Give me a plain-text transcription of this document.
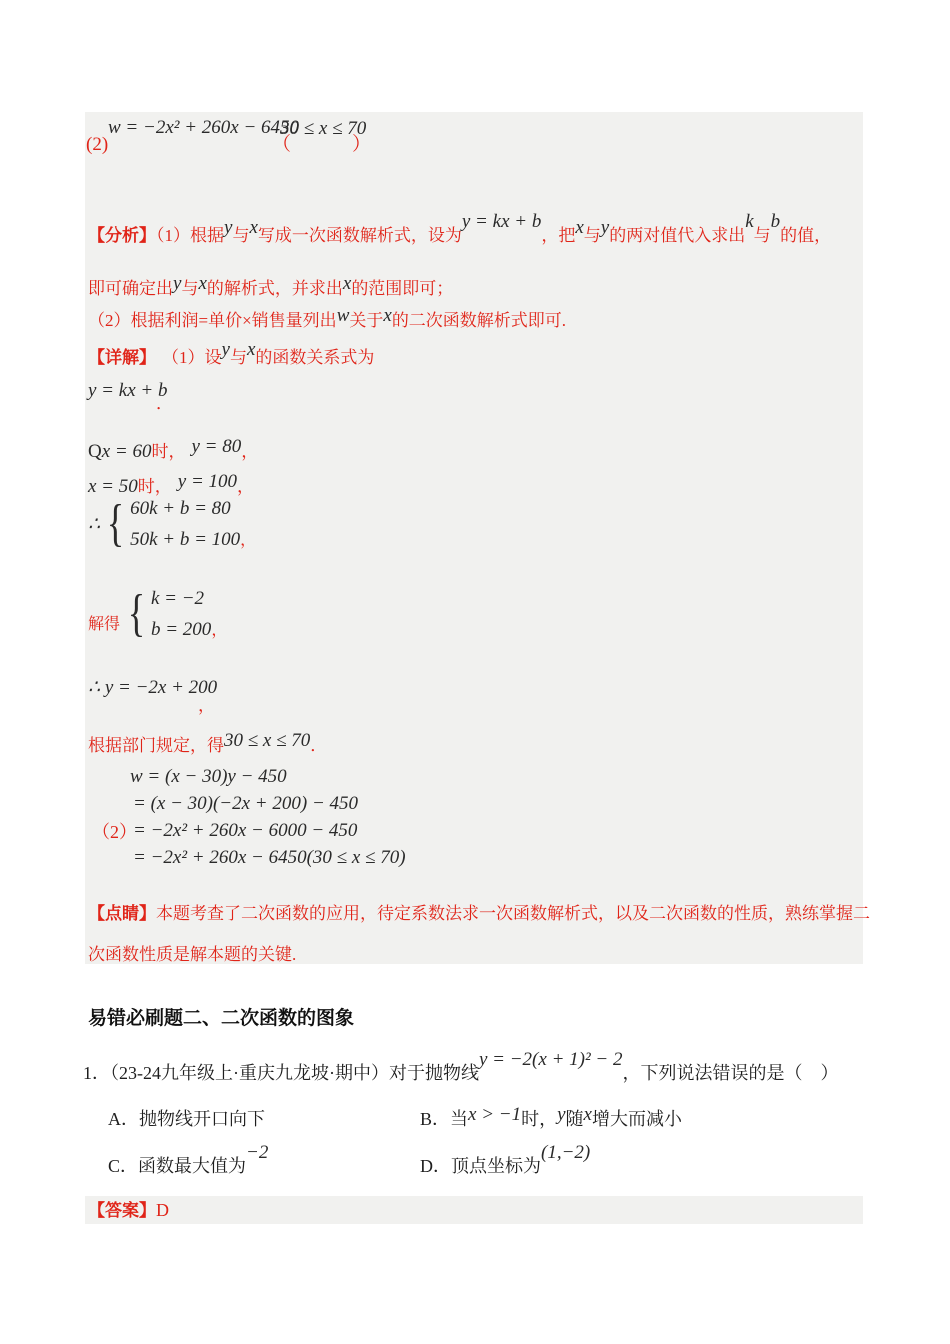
(2)
w = −2x² + 260x − 6450
（
30 ≤ x ≤ 70
）
【分析】（1）根据y与x写成一次函数解析式，设为y = kx + b，把x与y的两对值代入求出k与b的值，
即可确定出y与x的解析式，并求出x的范围即可；
（2）根据利润=单价×销售量列出w关于x的二次函数解析式即可.
【详解】 （1）设y与x的函数关系式为
y = kx + b
．
Qx = 60时， y = 80，
x = 50时， y = 100，
∴ { 60k + b = 80
50k + b = 100，
解得 { k = −2
b = 200，
∴ y = −2x + 200
，
根据部门规定，得30 ≤ x ≤ 70．
（2）
w = (x − 30)y − 450
= (x − 30)(−2x + 200) − 450
= −2x² + 260x − 6000 − 450
= −2x² + 260x − 6450(30 ≤ x ≤ 70)
【点睛】本题考查了二次函数的应用，待定系数法求一次函数解析式，以及二次函数的性质，熟练掌握二
次函数性质是解本题的关键.
易错必刷题二、二次函数的图象
1．（23-24九年级上·重庆九龙坡·期中）对于抛物线y = −2(x + 1)² − 2，下列说法错误的是（　）
A．抛物线开口向下	B．当x > −1时，y随x增大而减小
C．函数最大值为−2
D．顶点坐标为(1,−2)
【答案】D
